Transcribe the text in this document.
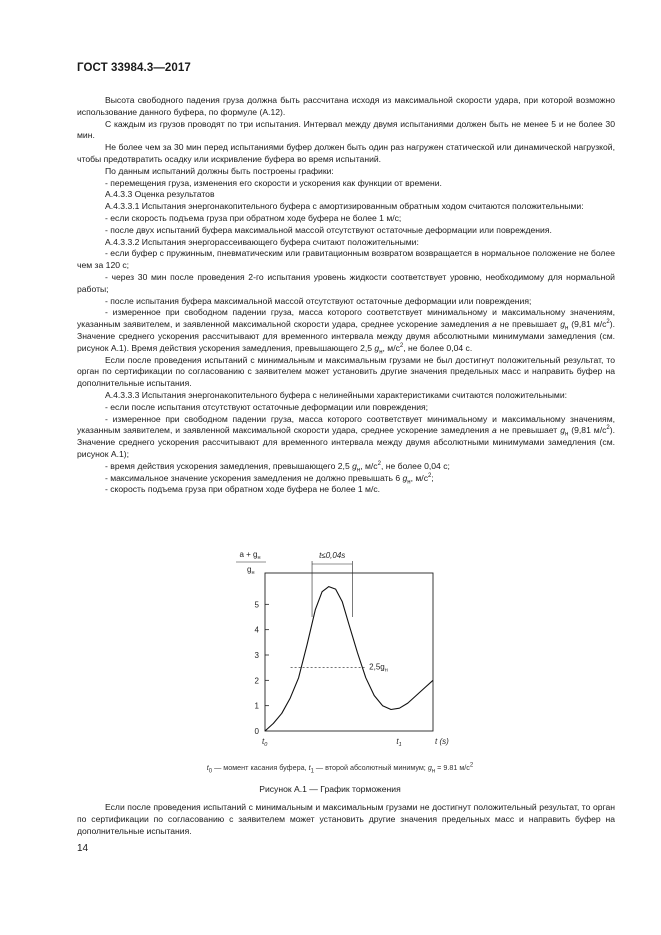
ГОСТ 33984.3—2017

Высота свободного падения груза должна быть рассчитана исходя из максимальной скорости удара, при которой возможно использование данного буфера, по формуле (А.12).

С каждым из грузов проводят по три испытания. Интервал между двумя испытаниями должен быть не менее 5 и не более 30 мин.

Не более чем за 30 мин перед испытаниями буфер должен быть один раз нагружен статической или динамической нагрузкой, чтобы предотвратить осадку или искривление буфера во время испытаний.

По данным испытаний должны быть построены графики:

- перемещения груза, изменения его скорости и ускорения как функции от времени.

А.4.3.3 Оценка результатов

А.4.3.3.1 Испытания энергонакопительного буфера с амортизированным обратным ходом считаются положительными:

- если скорость подъема груза при обратном ходе буфера не более 1 м/с;

- после двух испытаний буфера максимальной массой отсутствуют остаточные деформации или повреждения.

А.4.3.3.2 Испытания энергорассеивающего буфера считают положительными:

- если буфер с пружинным, пневматическим или гравитационным возвратом возвращается в нормальное положение не более чем за 120 с;

- через 30 мин после проведения 2-го испытания уровень жидкости соответствует уровню, необходимому для нормальной работы;

- после испытания буфера максимальной массой отсутствуют остаточные деформации или повреждения;

- измеренное при свободном падении груза, масса которого соответствует минимальному и максимальному значениям, указанным заявителем, и заявленной максимальной скорости удара, среднее ускорение замедления a не превышает $g_н$ (9,81 $м/с^2$). Значение среднего ускорения рассчитывают для временного интервала между двумя абсолютными минимумами замедления (см. рисунок А.1). Время действия ускорения замедления, превышающего 2,5 $g_н$, $м/с^2$, не более 0,04 с.

Если после проведения испытаний с минимальным и максимальным грузами не был достигнут положительный результат, то орган по сертификации по согласованию с заявителем может установить другие значения предельных масс и направить буфер на дополнительные испытания.

А.4.3.3.3 Испытания энергонакопительного буфера с нелинейными характеристиками считаются положительными:

- если после испытания отсутствуют остаточные деформации или повреждения;

- измеренное при свободном падении груза, масса которого соответствует минимальному и максимальному значениям, указанным заявителем, и заявленной максимальной скорости удара, среднее ускорение замедления a не превышает $g_н$ (9,81 $м/с^2$). Значение среднего ускорения рассчитывают для временного интервала между двумя абсолютными минимумами замедления (см. рисунок А.1);

- время действия ускорения замедления, превышающего 2,5 $g_н$, $м/с^2$, не более 0,04 с;

- максимальное значение ускорения замедления не должно превышать 6 $g_н$, $м/с^2$;

- скорость подъема груза при обратном ходе буфера не более 1 м/с.

0
1
2
3
4
5
$a + g_н$
$g_н$
$2,5g_н$
t≤0,04s
$t_0$	$t_1$	t (s)
$t_0$ — момент касания буфера, $t_1$ — второй абсолютный минимум; $g_н = 9.81$ $м/с^2$
Рисунок А.1 — График торможения

Если после проведения испытаний с минимальным и максимальным грузами не достигнут положительный результат, то орган по сертификации по согласованию с заявителем может установить другие значения предельных масс и направить буфер на дополнительные испытания.

14
